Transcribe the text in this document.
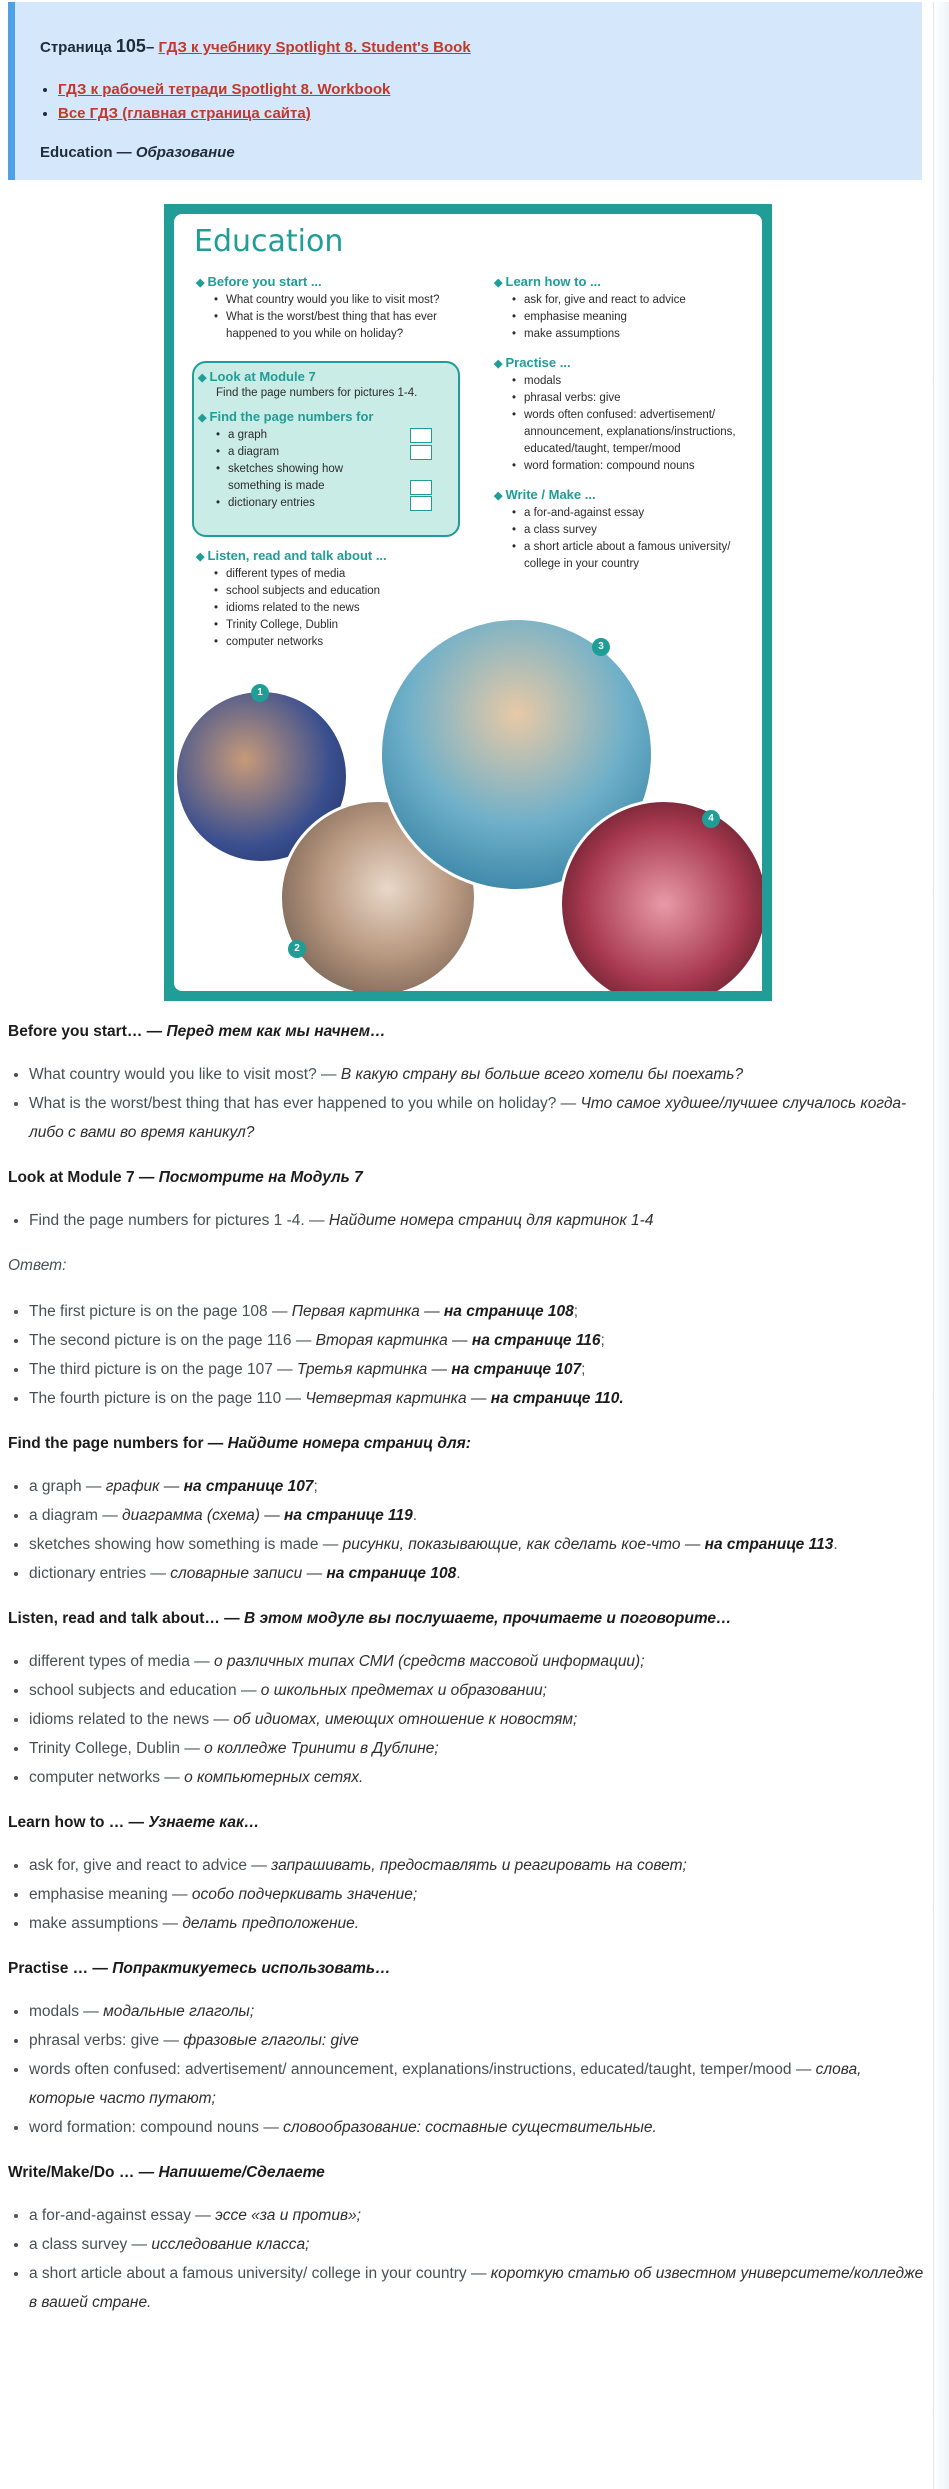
Страница 105– ГДЗ к учебнику Spotlight 8. Student's Book
• ГДЗ к рабочей тетради Spotlight 8. Workbook
• Все ГДЗ (главная страница сайта)
Education — Образование
Education
◆ Before you start ...
• What country would you like to visit most?
• What is the worst/best thing that has ever happened to you while on holiday?
◆ Look at Module 7

Find the page numbers for pictures 1-4.

◆ Find the page numbers for
• a graph
• a diagram
• sketches showing how something is made
• dictionary entries
◆ Listen, read and talk about ...
• different types of media
• school subjects and education
• idioms related to the news
• Trinity College, Dublin
• computer networks
◆ Learn how to ...
• ask for, give and react to advice
• emphasise meaning
• make assumptions
◆ Practise ...
• modals
• phrasal verbs: give
• words often confused: advertisement/ announcement, explanations/instructions, educated/taught, temper/mood
• word formation: compound nouns
◆ Write / Make ...
• a for-and-against essay
• a class survey
• a short article about a famous university/ college in your country
1
2
3
4
Before you start… — Перед тем как мы начнем…
• What country would you like to visit most? — В какую страну вы больше всего хотели бы поехать?
• What is the worst/best thing that has ever happened to you while on holiday? — Что самое худшее/лучшее случалось когда-либо с вами во время каникул?
Look at Module 7 — Посмотрите на Модуль 7
• Find the page numbers for pictures 1 -4. — Найдите номера страниц для картинок 1-4
Ответ:
• The first picture is on the page 108 — Первая картинка — на странице 108;
• The second picture is on the page 116 — Вторая картинка — на странице 116;
• The third picture is on the page 107 — Третья картинка — на странице 107;
• The fourth picture is on the page 110 — Четвертая картинка — на странице 110.
Find the page numbers for — Найдите номера страниц для:
• a graph — график — на странице 107;
• a diagram — диаграмма (схема) — на странице 119.
• sketches showing how something is made — рисунки, показывающие, как сделать кое-что — на странице 113.
• dictionary entries — словарные записи — на странице 108.
Listen, read and talk about… — В этом модуле вы послушаете, прочитаете и поговорите…
• different types of media — о различных типах СМИ (средств массовой информации);
• school subjects and education — о школьных предметах и образовании;
• idioms related to the news — об идиомах, имеющих отношение к новостям;
• Trinity College, Dublin — о колледже Тринити в Дублине;
• computer networks — о компьютерных сетях.
Learn how to … — Узнаете как…
• ask for, give and react to advice — запрашивать, предоставлять и реагировать на совет;
• emphasise meaning — особо подчеркивать значение;
• make assumptions — делать предположение.
Practise … — Попрактикуетесь использовать…
• modals — модальные глаголы;
• phrasal verbs: give — фразовые глаголы: give
• words often confused: advertisement/ announcement, explanations/instructions, educated/taught, temper/mood — слова, которые часто путают;
• word formation: compound nouns — словообразование: составные существительные.
Write/Make/Do … — Напишете/Сделаете
• a for-and-against essay — эссе «за и против»;
• a class survey — исследование класса;
• a short article about a famous university/ college in your country — короткую статью об известном университете/колледже в вашей стране.
